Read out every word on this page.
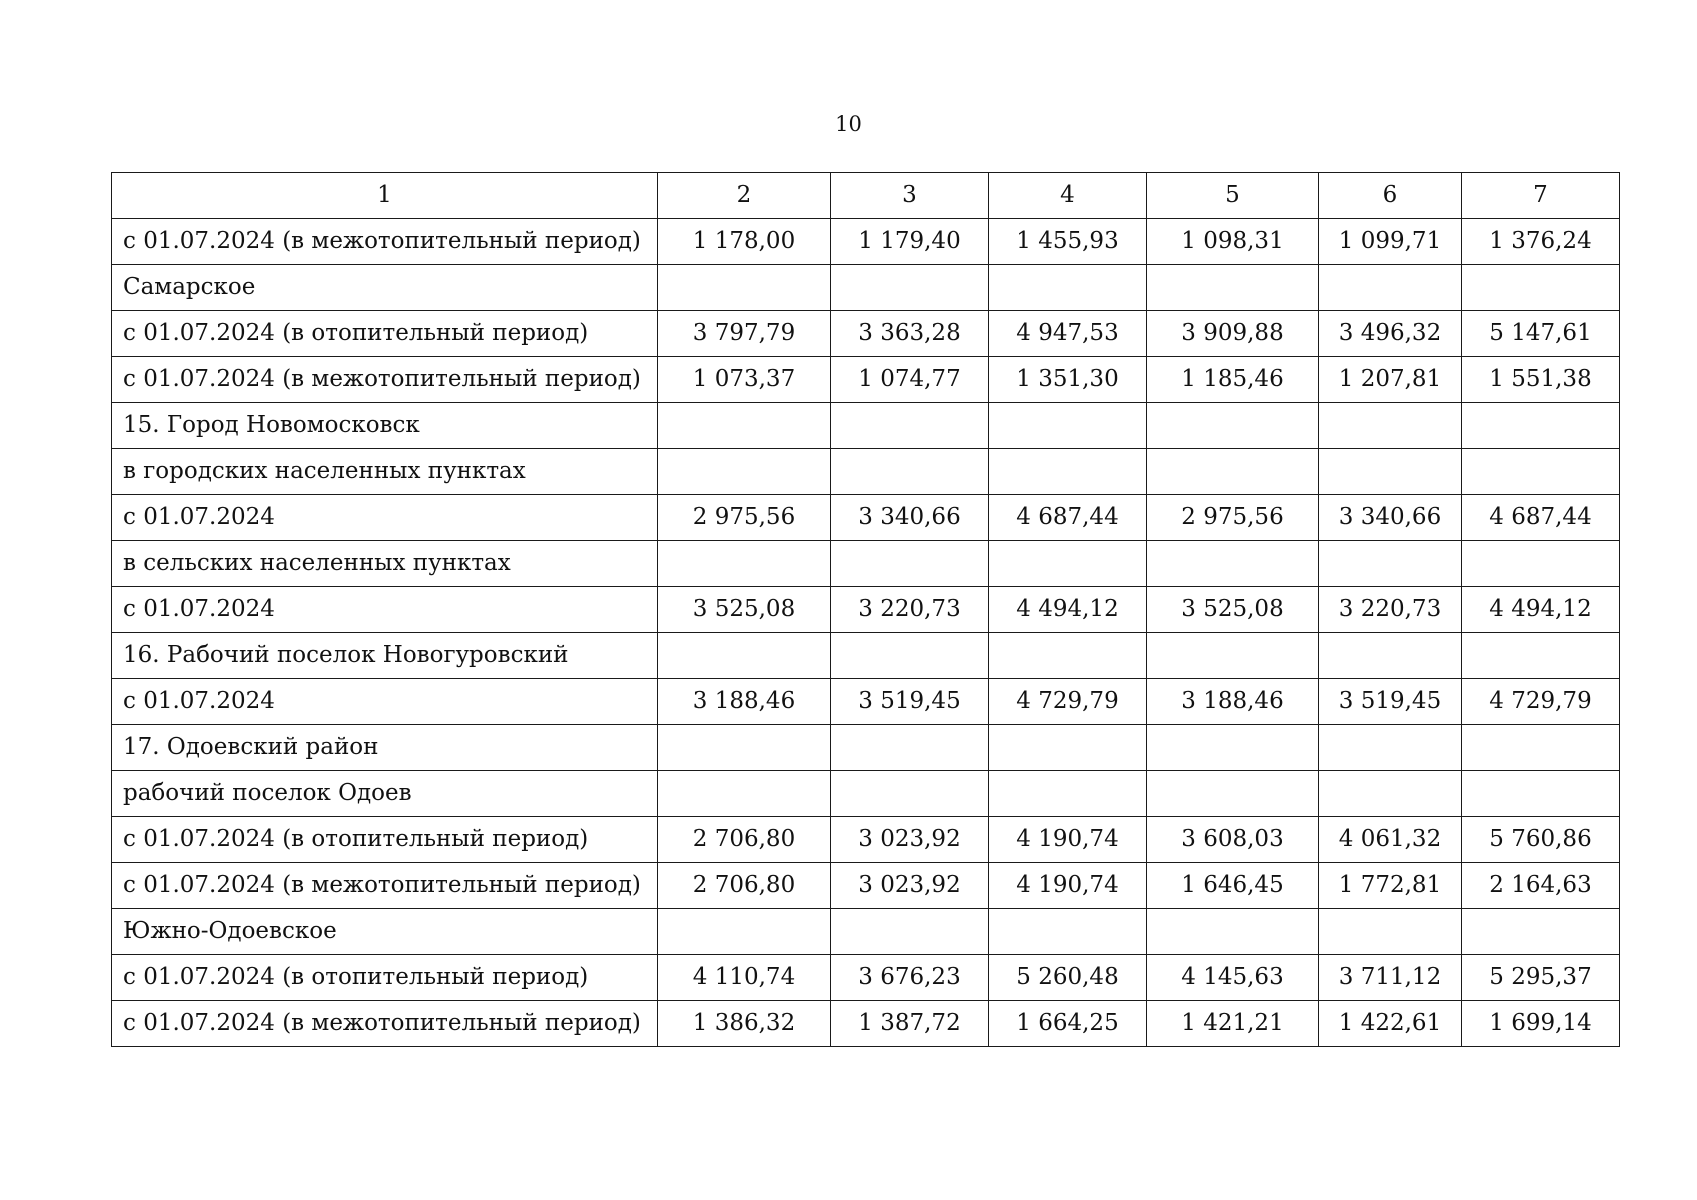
10
1	2	3	4	5	6	7
с 01.07.2024 (в межотопительный период)	1 178,00	1 179,40	1 455,93	1 098,31	1 099,71	1 376,24
Самарское						
с 01.07.2024 (в отопительный период)	3 797,79	3 363,28	4 947,53	3 909,88	3 496,32	5 147,61
с 01.07.2024 (в межотопительный период)	1 073,37	1 074,77	1 351,30	1 185,46	1 207,81	1 551,38
15. Город Новомосковск						
в городских населенных пунктах						
с 01.07.2024	2 975,56	3 340,66	4 687,44	2 975,56	3 340,66	4 687,44
в сельских населенных пунктах						
с 01.07.2024	3 525,08	3 220,73	4 494,12	3 525,08	3 220,73	4 494,12
16. Рабочий поселок Новогуровский						
с 01.07.2024	3 188,46	3 519,45	4 729,79	3 188,46	3 519,45	4 729,79
17. Одоевский район						
рабочий поселок Одоев						
с 01.07.2024 (в отопительный период)	2 706,80	3 023,92	4 190,74	3 608,03	4 061,32	5 760,86
с 01.07.2024 (в межотопительный период)	2 706,80	3 023,92	4 190,74	1 646,45	1 772,81	2 164,63
Южно-Одоевское						
с 01.07.2024 (в отопительный период)	4 110,74	3 676,23	5 260,48	4 145,63	3 711,12	5 295,37
с 01.07.2024 (в межотопительный период)	1 386,32	1 387,72	1 664,25	1 421,21	1 422,61	1 699,14
